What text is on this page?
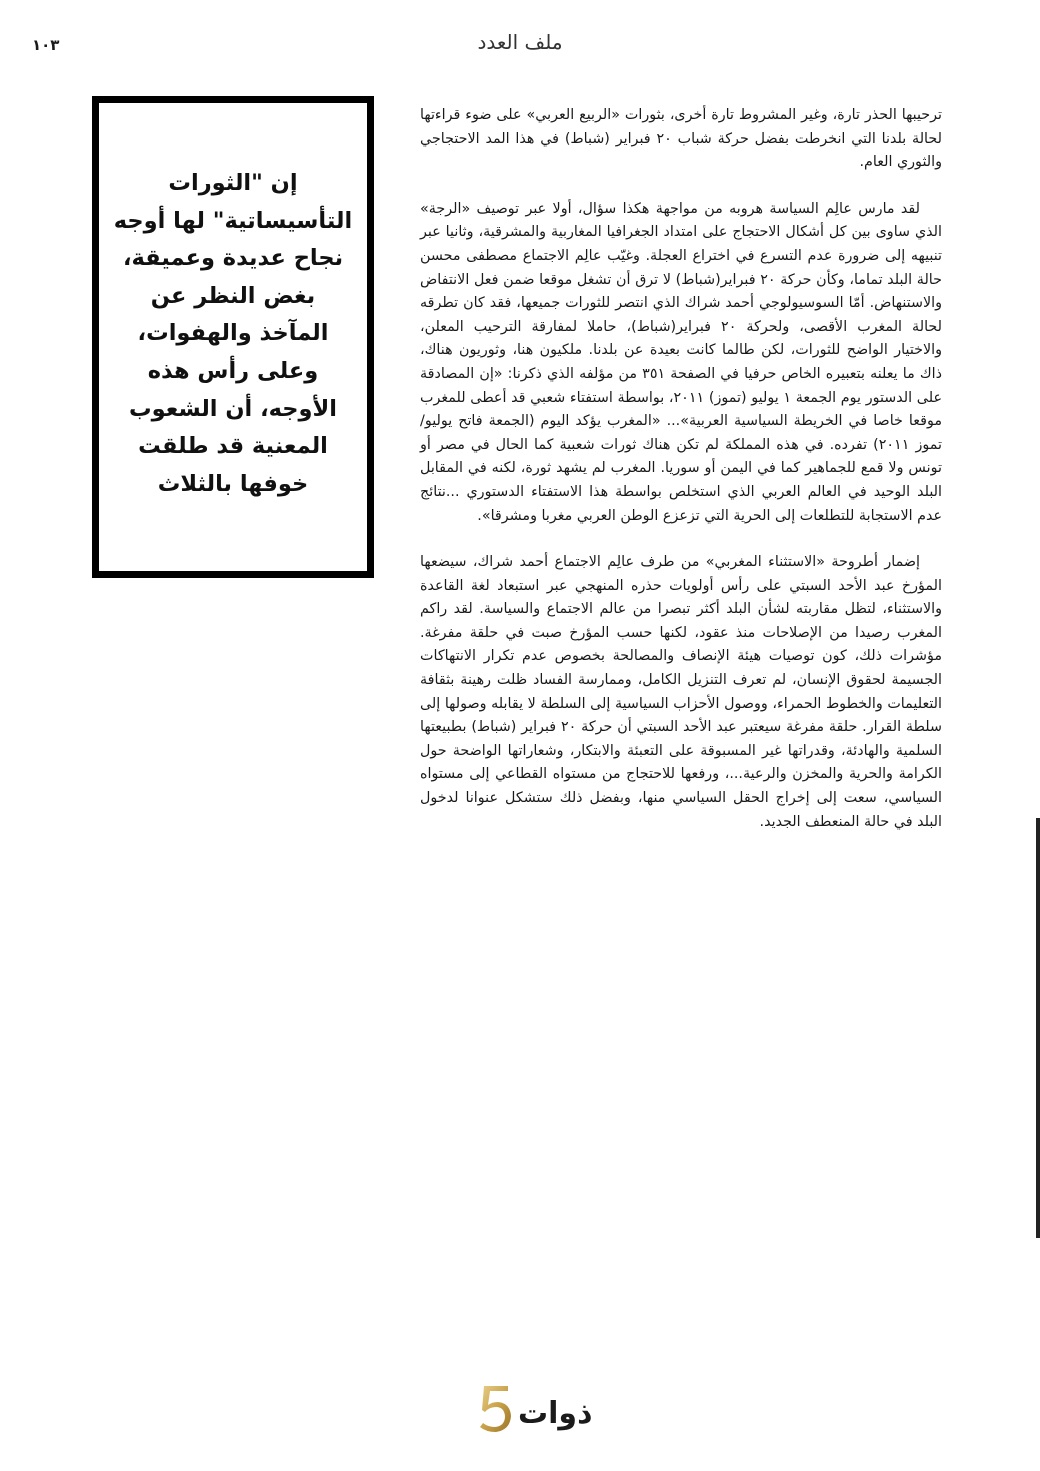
١٠٣	ملف العدد

ترحيبها الحذر تارة، وغير المشروط تارة أخرى، بثورات «الربيع العربي» على ضوء قراءتها لحالة بلدنا التي انخرطت بفضل حركة شباب ٢٠ فبراير (شباط) في هذا المد الاحتجاجي والثوري العام.

لقد مارس عالِم السياسة هروبه من مواجهة هكذا سؤال، أولا عبر توصيف «الرجة» الذي ساوى بين كل أشكال الاحتجاج على امتداد الجغرافيا المغاربية والمشرقية، وثانيا عبر تنبيهه إلى ضرورة عدم التسرع في اختراع العجلة. وغيّب عالِم الاجتماع مصطفى محسن حالة البلد تماما، وكأن حركة ٢٠ فبراير(شباط) لا ترق أن تشغل موقعا ضمن فعل الانتفاض والاستنهاض. أمّا السوسيولوجي أحمد شراك الذي انتصر للثورات جميعها، فقد كان تطرقه لحالة المغرب الأقصى، ولحركة ٢٠ فبراير(شباط)، حاملا لمفارقة الترحيب المعلن، والاختيار الواضح للثورات، لكن طالما كانت بعيدة عن بلدنا. ملكيون هنا، وثوريون هناك، ذاك ما يعلنه بتعبيره الخاص حرفيا في الصفحة ٣٥١ من مؤلفه الذي ذكرنا: «إن المصادقة على الدستور يوم الجمعة ١ يوليو (تموز) ٢٠١١، بواسطة استفتاء شعبي قد أعطى للمغرب موقعا خاصا في الخريطة السياسية العربية»... «المغرب يؤكد اليوم (الجمعة فاتح يوليو/ تموز ٢٠١١) تفرده. في هذه المملكة لم تكن هناك ثورات شعبية كما الحال في مصر أو تونس ولا قمع للجماهير كما في اليمن أو سوريا. المغرب لم يشهد ثورة، لكنه في المقابل البلد الوحيد في العالم العربي الذي استخلص بواسطة هذا الاستفتاء الدستوري ...نتائج عدم الاستجابة للتطلعات إلى الحرية التي تزعزع الوطن العربي مغربا ومشرقا».

إضمار أطروحة «الاستثناء المغربي» من طرف عالِم الاجتماع أحمد شراك، سيضعها المؤرخ عبد الأحد السبتي على رأس أولويات حذره المنهجي عبر استبعاد لغة القاعدة والاستثناء، لتظل مقاربته لشأن البلد أكثر تبصرا من عالم الاجتماع والسياسة. لقد راكم المغرب رصيدا من الإصلاحات منذ عقود، لكنها حسب المؤرخ صبت في حلقة مفرغة. مؤشرات ذلك، كون توصيات هيئة الإنصاف والمصالحة بخصوص عدم تكرار الانتهاكات الجسيمة لحقوق الإنسان، لم تعرف التنزيل الكامل، وممارسة الفساد ظلت رهينة بثقافة التعليمات والخطوط الحمراء، ووصول الأحزاب السياسية إلى السلطة لا يقابله وصولها إلى سلطة القرار. حلقة مفرغة سيعتبر عبد الأحد السبتي أن حركة ٢٠ فبراير (شباط) بطبيعتها السلمية والهادئة، وقدراتها غير المسبوقة على التعبئة والابتكار، وشعاراتها الواضحة حول الكرامة والحرية والمخزن والرعية...، ورفعها للاحتجاج من مستواه القطاعي إلى مستواه السياسي، سعت إلى إخراج الحقل السياسي منها، وبفضل ذلك ستشكل عنوانا لدخول البلد في حالة المنعطف الجديد.

إن "الثورات التأسيساتية" لها أوجه نجاح عديدة وعميقة، بغض النظر عن المآخذ والهفوات، وعلى رأس هذه الأوجه، أن الشعوب المعنية قد طلقت خوفها بالثلاث
ذوات
